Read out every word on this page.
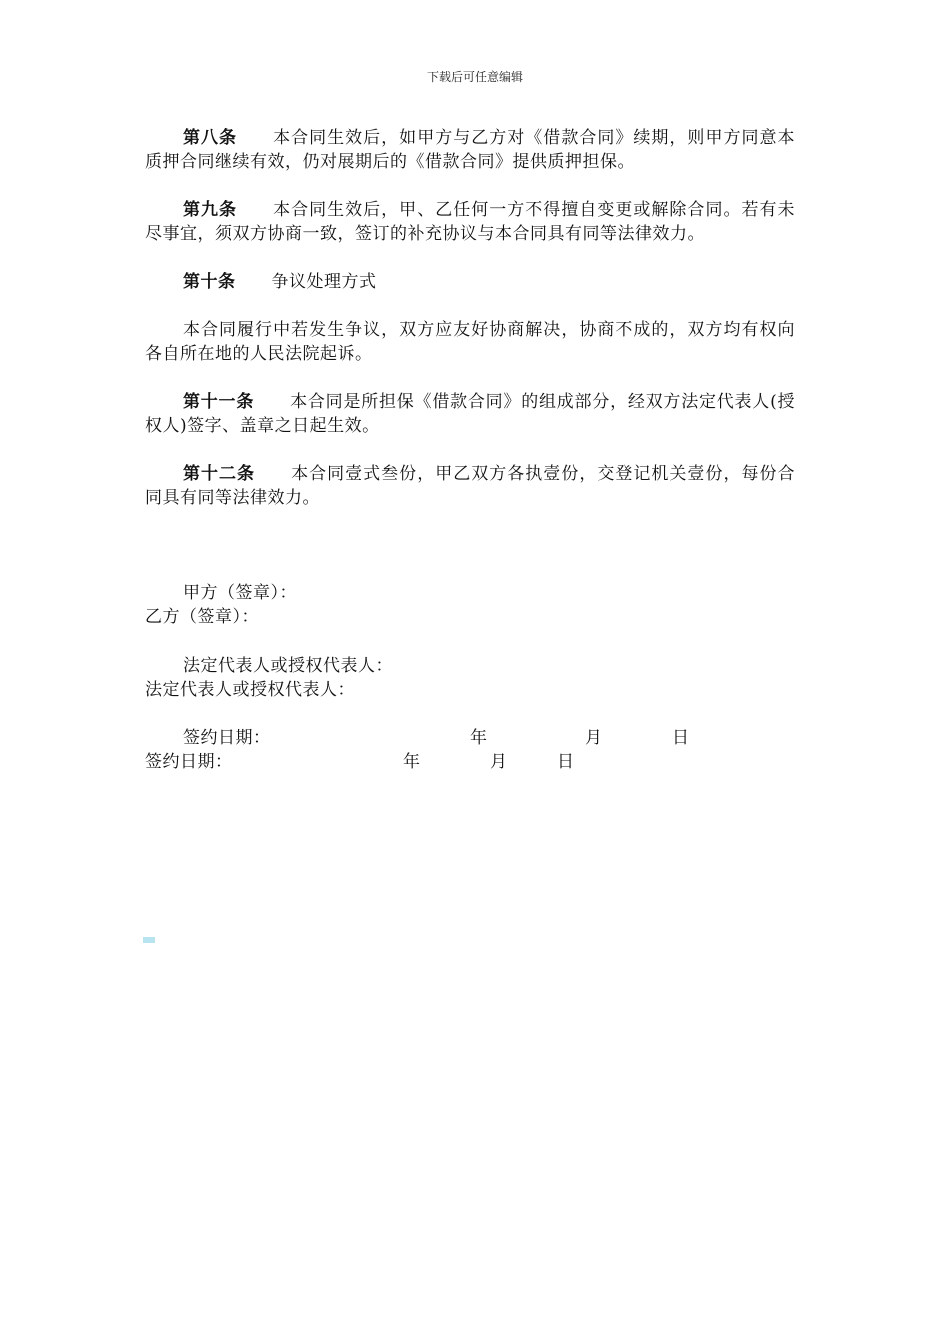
下载后可任意编辑

第八条 本合同生效后，如甲方与乙方对《借款合同》续期，则甲方同意本质押合同继续有效，仍对展期后的《借款合同》提供质押担保。

第九条 本合同生效后，甲、乙任何一方不得擅自变更或解除合同。若有未尽事宜，须双方协商一致，签订的补充协议与本合同具有同等法律效力。

第十条 争议处理方式

本合同履行中若发生争议，双方应友好协商解决，协商不成的，双方均有权向各自所在地的人民法院起诉。

第十一条 本合同是所担保《借款合同》的组成部分，经双方法定代表人(授权人)签字、盖章之日起生效。

第十二条 本合同壹式叁份，甲乙双方各执壹份，交登记机关壹份，每份合同具有同等法律效力。

甲方（签章）：
乙方（签章）：
法定代表人或授权代表人：
法定代表人或授权代表人：
签约日期：	年	月	日
签约日期：	年	月	日
